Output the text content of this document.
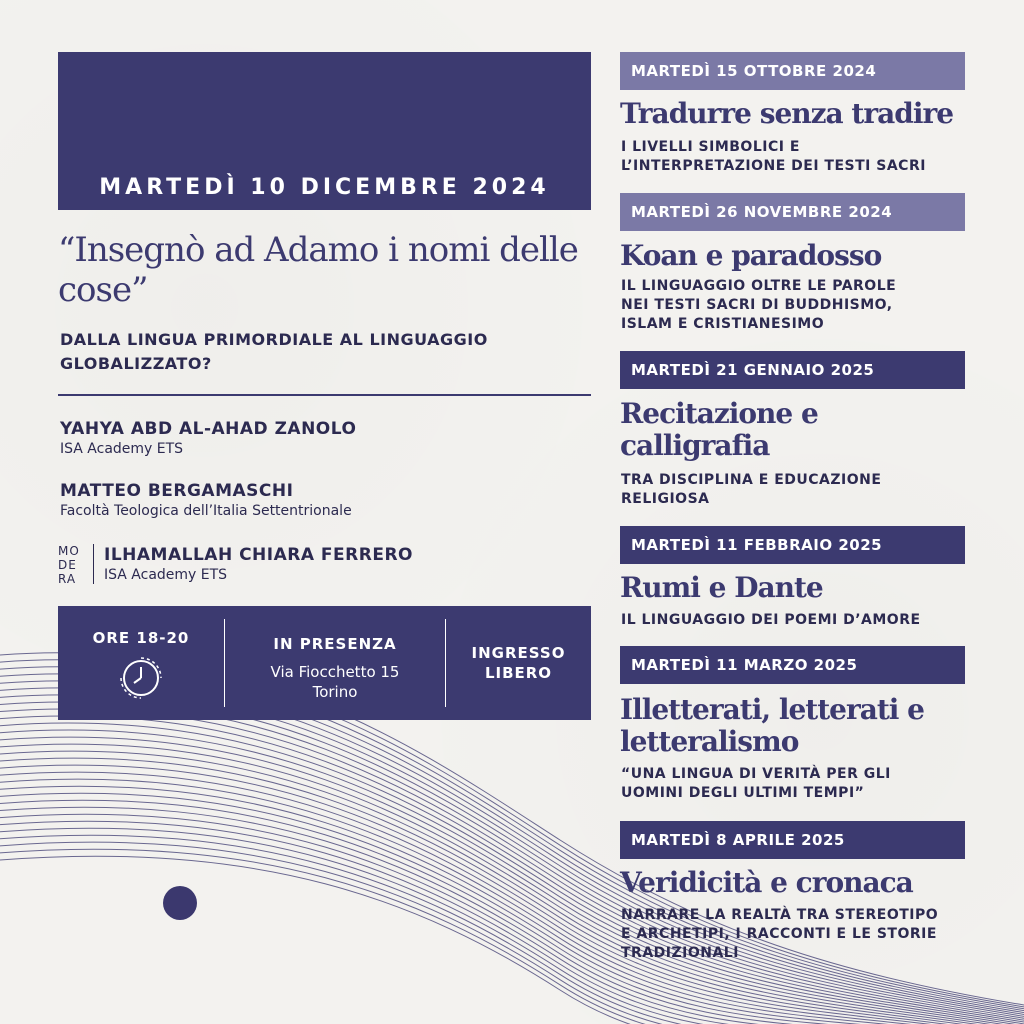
MARTEDÌ 10 DICEMBRE 2024
“Insegnò ad Adamo i nomi delle cose”
DALLA LINGUA PRIMORDIALE AL LINGUAGGIO GLOBALIZZATO?
YAHYA ABD AL-AHAD ZANOLO
ISA Academy ETS
MATTEO BERGAMASCHI
Facoltà Teologica dell’Italia Settentrionale
MO
DE
RA
ILHAMALLAH CHIARA FERRERO
ISA Academy ETS
ORE 18-20	IN PRESENZA
Via Fiocchetto 15
Torino
INGRESSO
LIBERO
MARTEDÌ 15 OTTOBRE 2024
Tradurre senza tradire
I LIVELLI SIMBOLICI E
L’INTERPRETAZIONE DEI TESTI SACRI
MARTEDÌ 26 NOVEMBRE 2024
Koan e paradosso
IL LINGUAGGIO OLTRE LE PAROLE
NEI TESTI SACRI DI BUDDHISMO,
ISLAM E CRISTIANESIMO
MARTEDÌ 21 GENNAIO 2025
Recitazione e
calligrafia
TRA DISCIPLINA E EDUCAZIONE
RELIGIOSA
MARTEDÌ 11 FEBBRAIO 2025
Rumi e Dante
IL LINGUAGGIO DEI POEMI D’AMORE
MARTEDÌ 11 MARZO 2025
Illetterati, letterati e
letteralismo
“UNA LINGUA DI VERITÀ PER GLI
UOMINI DEGLI ULTIMI TEMPI”
MARTEDÌ 8 APRILE 2025
Veridicità e cronaca
NARRARE LA REALTÀ TRA STEREOTIPO
E ARCHETIPI, I RACCONTI E LE STORIE
TRADIZIONALI
